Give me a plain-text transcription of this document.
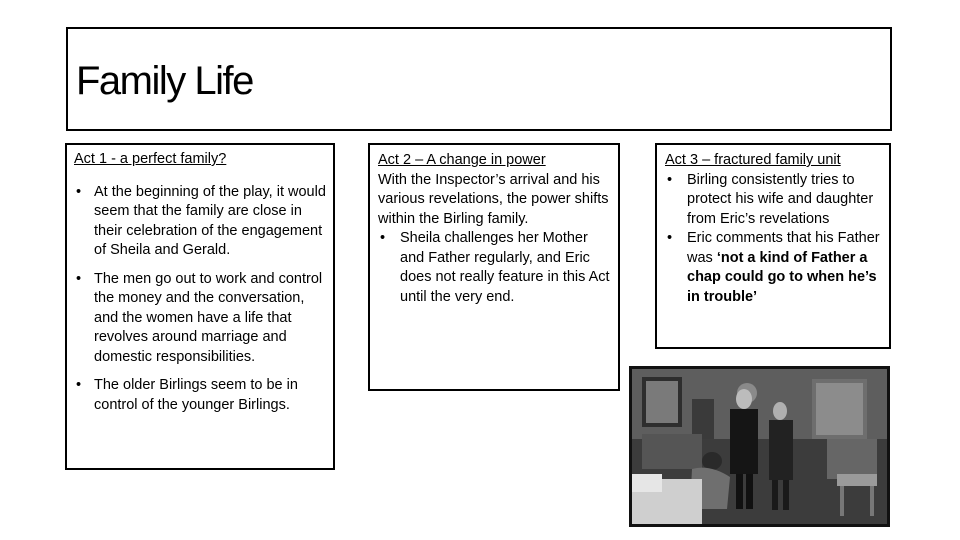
Family Life
Act 1 - a perfect family?
• At the beginning of the play, it would seem that the family are close in their celebration of the engagement of Sheila and Gerald.
• The men go out to work and control the money and the conversation, and the women have a life that revolves around marriage and domestic responsibilities.
• The older Birlings seem to be in control of the younger Birlings.
Act 2 – A change in power
With the Inspector’s arrival and his various revelations, the power shifts within the Birling family.
• Sheila challenges her Mother and Father regularly, and Eric does not really feature in this Act until the very end.
Act 3 – fractured family unit
• Birling consistently tries to protect his wife and daughter from Eric’s revelations
• Eric comments that his Father was ‘not a kind of Father a chap could go to when he’s in trouble’
